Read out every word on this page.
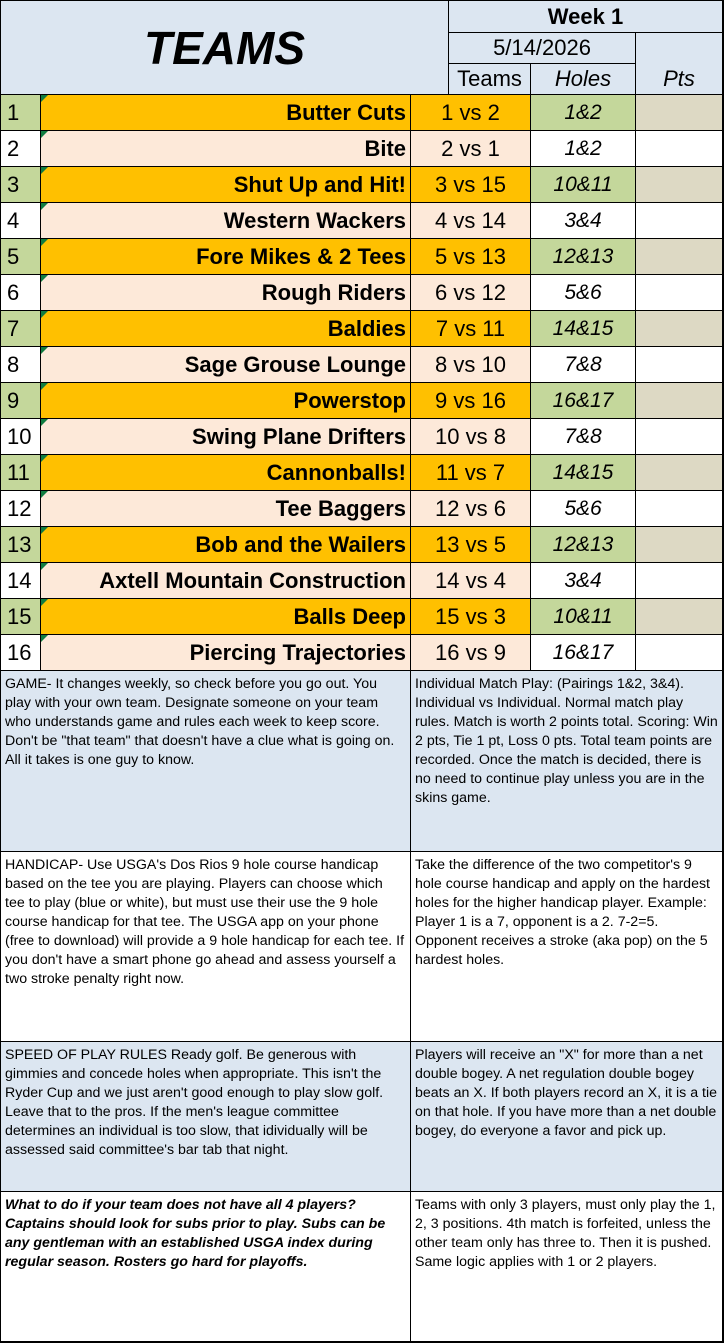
TEAMS
Week 1
5/14/2026
Teams	Holes	Pts
1	Butter Cuts	1 vs 2	1&2
2	Bite	2 vs 1	1&2
3	Shut Up and Hit!	3 vs 15	10&11
4	Western Wackers	4 vs 14	3&4
5	Fore Mikes & 2 Tees	5 vs 13	12&13
6	Rough Riders	6 vs 12	5&6
7	Baldies	7 vs 11	14&15
8	Sage Grouse Lounge	8 vs 10	7&8
9	Powerstop	9 vs 16	16&17
10	Swing Plane Drifters	10 vs 8	7&8
11	Cannonballs!	11 vs 7	14&15
12	Tee Baggers	12 vs 6	5&6
13	Bob and the Wailers	13 vs 5	12&13
14	Axtell Mountain Construction	14 vs 4	3&4
15	Balls Deep	15 vs 3	10&11
16	Piercing Trajectories	16 vs 9	16&17
GAME- It changes weekly, so check before you go out. You play with your own team. Designate someone on your team who understands game and rules each week to keep score. Don't be "that team" that doesn't have a clue what is going on. All it takes is one guy to know.
Individual Match Play: (Pairings 1&2, 3&4). Individual vs Individual. Normal match play rules. Match is worth 2 points total. Scoring: Win 2 pts, Tie 1 pt, Loss 0 pts. Total team points are recorded. Once the match is decided, there is no need to continue play unless you are in the skins game.
HANDICAP- Use USGA's Dos Rios 9 hole course handicap based on the tee you are playing. Players can choose which tee to play (blue or white), but must use their use the 9 hole course handicap for that tee. The USGA app on your phone (free to download) will provide a 9 hole handicap for each tee. If you don't have a smart phone go ahead and assess yourself a two stroke penalty right now.
Take the difference of the two competitor's 9 hole course handicap and apply on the hardest holes for the higher handicap player. Example: Player 1 is a 7, opponent is a 2. 7-2=5. Opponent receives a stroke (aka pop) on the 5 hardest holes.
SPEED OF PLAY RULES Ready golf. Be generous with gimmies and concede holes when appropriate. This isn't the Ryder Cup and we just aren't good enough to play slow golf. Leave that to the pros. If the men's league committee determines an individual is too slow, that idividually will be assessed said committee's bar tab that night.
Players will receive an "X" for more than a net double bogey. A net regulation double bogey beats an X. If both players record an X, it is a tie on that hole. If you have more than a net double bogey, do everyone a favor and pick up.
What to do if your team does not have all 4 players? Captains should look for subs prior to play. Subs can be any gentleman with an established USGA index during regular season. Rosters go hard for playoffs.
Teams with only 3 players, must only play the 1, 2, 3 positions. 4th match is forfeited, unless the other team only has three to. Then it is pushed. Same logic applies with 1 or 2 players.
